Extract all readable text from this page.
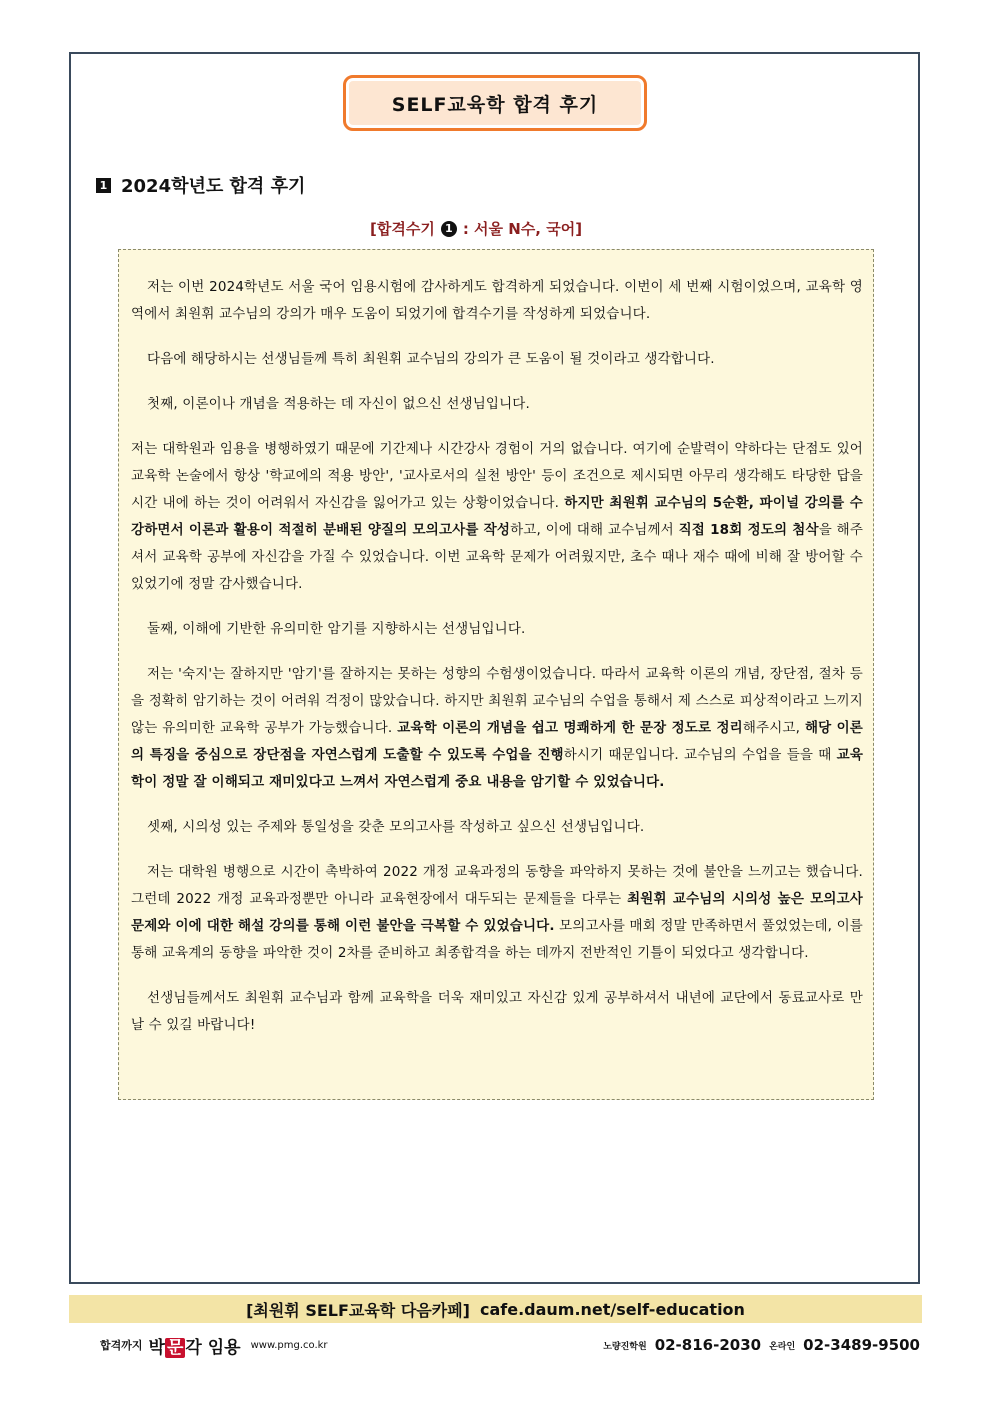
SELF교육학 합격 후기
1 2024학년도 합격 후기
[합격수기 1 : 서울 N수, 국어]

저는 이번 2024학년도 서울 국어 임용시험에 감사하게도 합격하게 되었습니다. 이번이 세 번째 시험이었으며, 교육학 영역에서 최원휘 교수님의 강의가 매우 도움이 되었기에 합격수기를 작성하게 되었습니다.

다음에 해당하시는 선생님들께 특히 최원휘 교수님의 강의가 큰 도움이 될 것이라고 생각합니다.

첫째, 이론이나 개념을 적용하는 데 자신이 없으신 선생님입니다.

저는 대학원과 임용을 병행하였기 때문에 기간제나 시간강사 경험이 거의 없습니다. 여기에 순발력이 약하다는 단점도 있어 교육학 논술에서 항상 '학교에의 적용 방안', '교사로서의 실천 방안' 등이 조건으로 제시되면 아무리 생각해도 타당한 답을 시간 내에 하는 것이 어려워서 자신감을 잃어가고 있는 상황이었습니다. 하지만 최원휘 교수님의 5순환, 파이널 강의를 수강하면서 이론과 활용이 적절히 분배된 양질의 모의고사를 작성하고, 이에 대해 교수님께서 직접 18회 정도의 첨삭을 해주셔서 교육학 공부에 자신감을 가질 수 있었습니다. 이번 교육학 문제가 어려웠지만, 초수 때나 재수 때에 비해 잘 방어할 수 있었기에 정말 감사했습니다.

둘째, 이해에 기반한 유의미한 암기를 지향하시는 선생님입니다.

저는 '숙지'는 잘하지만 '암기'를 잘하지는 못하는 성향의 수험생이었습니다. 따라서 교육학 이론의 개념, 장단점, 절차 등을 정확히 암기하는 것이 어려워 걱정이 많았습니다. 하지만 최원휘 교수님의 수업을 통해서 제 스스로 피상적이라고 느끼지 않는 유의미한 교육학 공부가 가능했습니다. 교육학 이론의 개념을 쉽고 명쾌하게 한 문장 정도로 정리해주시고, 해당 이론의 특징을 중심으로 장단점을 자연스럽게 도출할 수 있도록 수업을 진행하시기 때문입니다. 교수님의 수업을 들을 때 교육학이 정말 잘 이해되고 재미있다고 느껴서 자연스럽게 중요 내용을 암기할 수 있었습니다.

셋째, 시의성 있는 주제와 통일성을 갖춘 모의고사를 작성하고 싶으신 선생님입니다.

저는 대학원 병행으로 시간이 촉박하여 2022 개정 교육과정의 동향을 파악하지 못하는 것에 불안을 느끼고는 했습니다. 그런데 2022 개정 교육과정뿐만 아니라 교육현장에서 대두되는 문제들을 다루는 최원휘 교수님의 시의성 높은 모의고사 문제와 이에 대한 해설 강의를 통해 이런 불안을 극복할 수 있었습니다. 모의고사를 매회 정말 만족하면서 풀었었는데, 이를 통해 교육계의 동향을 파악한 것이 2차를 준비하고 최종합격을 하는 데까지 전반적인 기틀이 되었다고 생각합니다.

선생님들께서도 최원휘 교수님과 함께 교육학을 더욱 재미있고 자신감 있게 공부하셔서 내년에 교단에서 동료교사로 만날 수 있길 바랍니다!

[최원휘 SELF교육학 다음카페] cafe.daum.net/self-education
합격까지 박 문 각 임용 www.pmg.co.kr	노량진학원 02-816-2030 온라인 02-3489-9500
